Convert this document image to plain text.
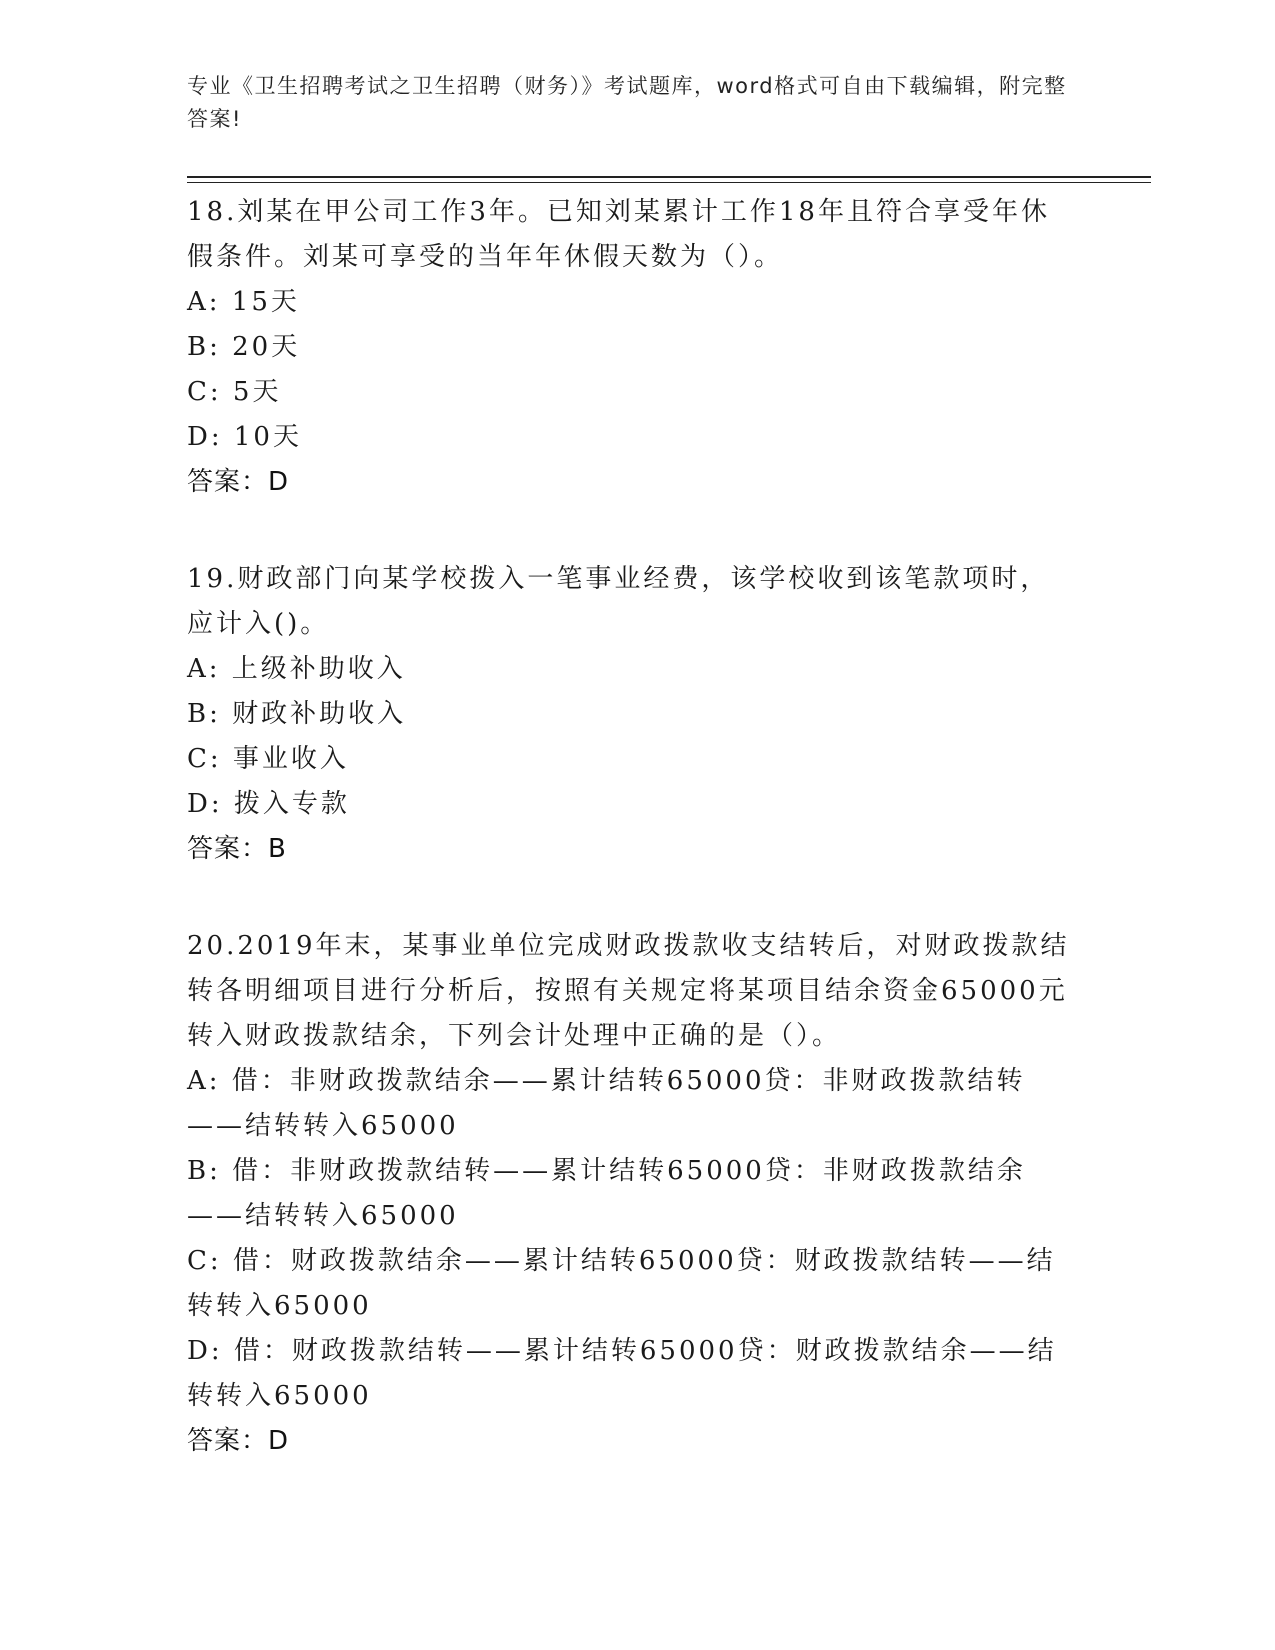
专业《卫生招聘考试之卫生招聘（财务）》考试题库，word格式可自由下载编辑，附完整答案!

18.刘某在甲公司工作3年。已知刘某累计工作18年且符合享受年休假条件。刘某可享受的当年年休假天数为（）。

A: 15天
B: 20天
C: 5天
D: 10天
答案：D

19.财政部门向某学校拨入一笔事业经费，该学校收到该笔款项时，应计入()。

A: 上级补助收入
B: 财政补助收入
C: 事业收入
D: 拨入专款
答案：B

20.2019年末，某事业单位完成财政拨款收支结转后，对财政拨款结转各明细项目进行分析后，按照有关规定将某项目结余资金65000元转入财政拨款结余，下列会计处理中正确的是（）。

A: 借：非财政拨款结余——累计结转65000贷：非财政拨款结转——结转转入65000
B: 借：非财政拨款结转——累计结转65000贷：非财政拨款结余——结转转入65000
C: 借：财政拨款结余——累计结转65000贷：财政拨款结转——结转转入65000
D: 借：财政拨款结转——累计结转65000贷：财政拨款结余——结转转入65000
答案：D
